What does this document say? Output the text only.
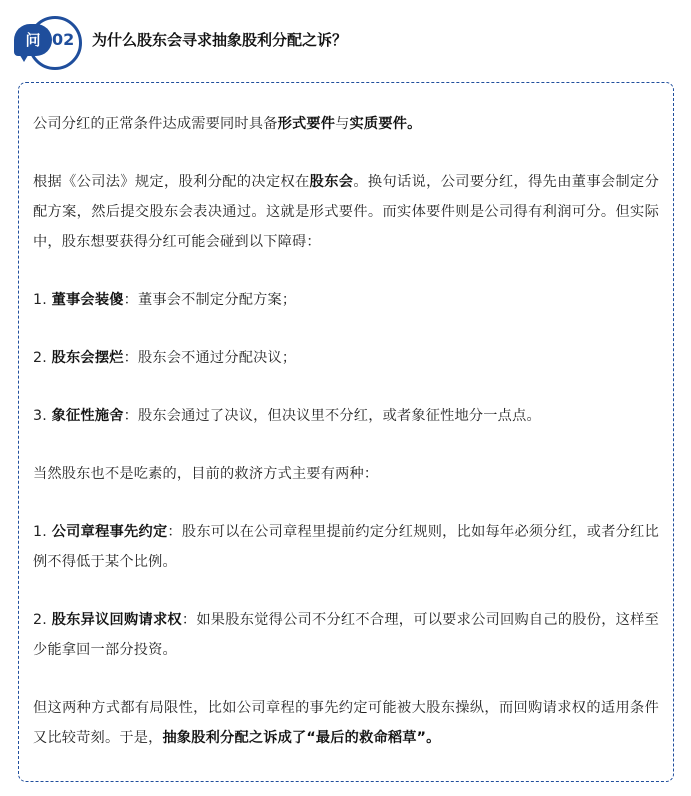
问 02 为什么股东会寻求抽象股利分配之诉？

公司分红的正常条件达成需要同时具备形式要件与实质要件。

根据《公司法》规定，股利分配的决定权在股东会。换句话说，公司要分红，得先由董事会制定分配方案，然后提交股东会表决通过。这就是形式要件。而实体要件则是公司得有利润可分。但实际中，股东想要获得分红可能会碰到以下障碍：

1. 董事会装傻：董事会不制定分配方案；

2. 股东会摆烂：股东会不通过分配决议；

3. 象征性施舍：股东会通过了决议，但决议里不分红，或者象征性地分一点点。

当然股东也不是吃素的，目前的救济方式主要有两种：

1. 公司章程事先约定：股东可以在公司章程里提前约定分红规则，比如每年必须分红，或者分红比例不得低于某个比例。

2. 股东异议回购请求权：如果股东觉得公司不分红不合理，可以要求公司回购自己的股份，这样至少能拿回一部分投资。

但这两种方式都有局限性，比如公司章程的事先约定可能被大股东操纵，而回购请求权的适用条件又比较苛刻。于是，抽象股利分配之诉成了“最后的救命稻草”。
